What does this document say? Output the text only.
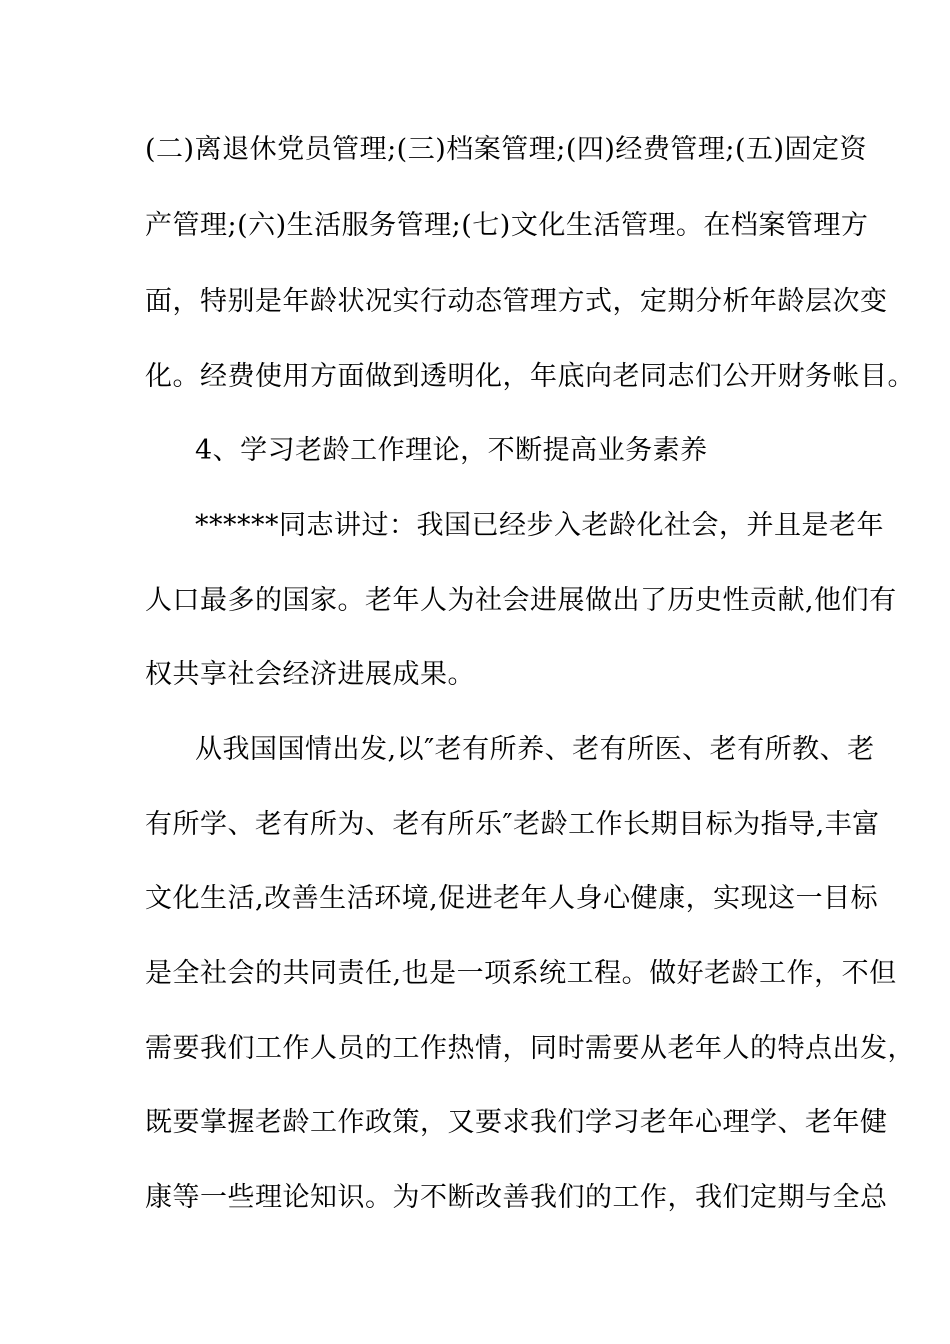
(二)离退休党员管理;(三)档案管理;(四)经费管理;(五)固定资
产管理;(六)生活服务管理;(七)文化生活管理。在档案管理方
面，特别是年龄状况实行动态管理方式，定期分析年龄层次变
化。经费使用方面做到透明化，年底向老同志们公开财务帐目。
4、学习老龄工作理论，不断提高业务素养
******同志讲过：我国已经步入老龄化社会，并且是老年
人口最多的国家。老年人为社会进展做出了历史性贡献,他们有
权共享社会经济进展成果。
从我国国情出发,以″老有所养、老有所医、老有所教、老
有所学、老有所为、老有所乐″老龄工作长期目标为指导,丰富
文化生活,改善生活环境,促进老年人身心健康，实现这一目标
是全社会的共同责任,也是一项系统工程。做好老龄工作，不但
需要我们工作人员的工作热情，同时需要从老年人的特点出发，
既要掌握老龄工作政策，又要求我们学习老年心理学、老年健
康等一些理论知识。为不断改善我们的工作，我们定期与全总
